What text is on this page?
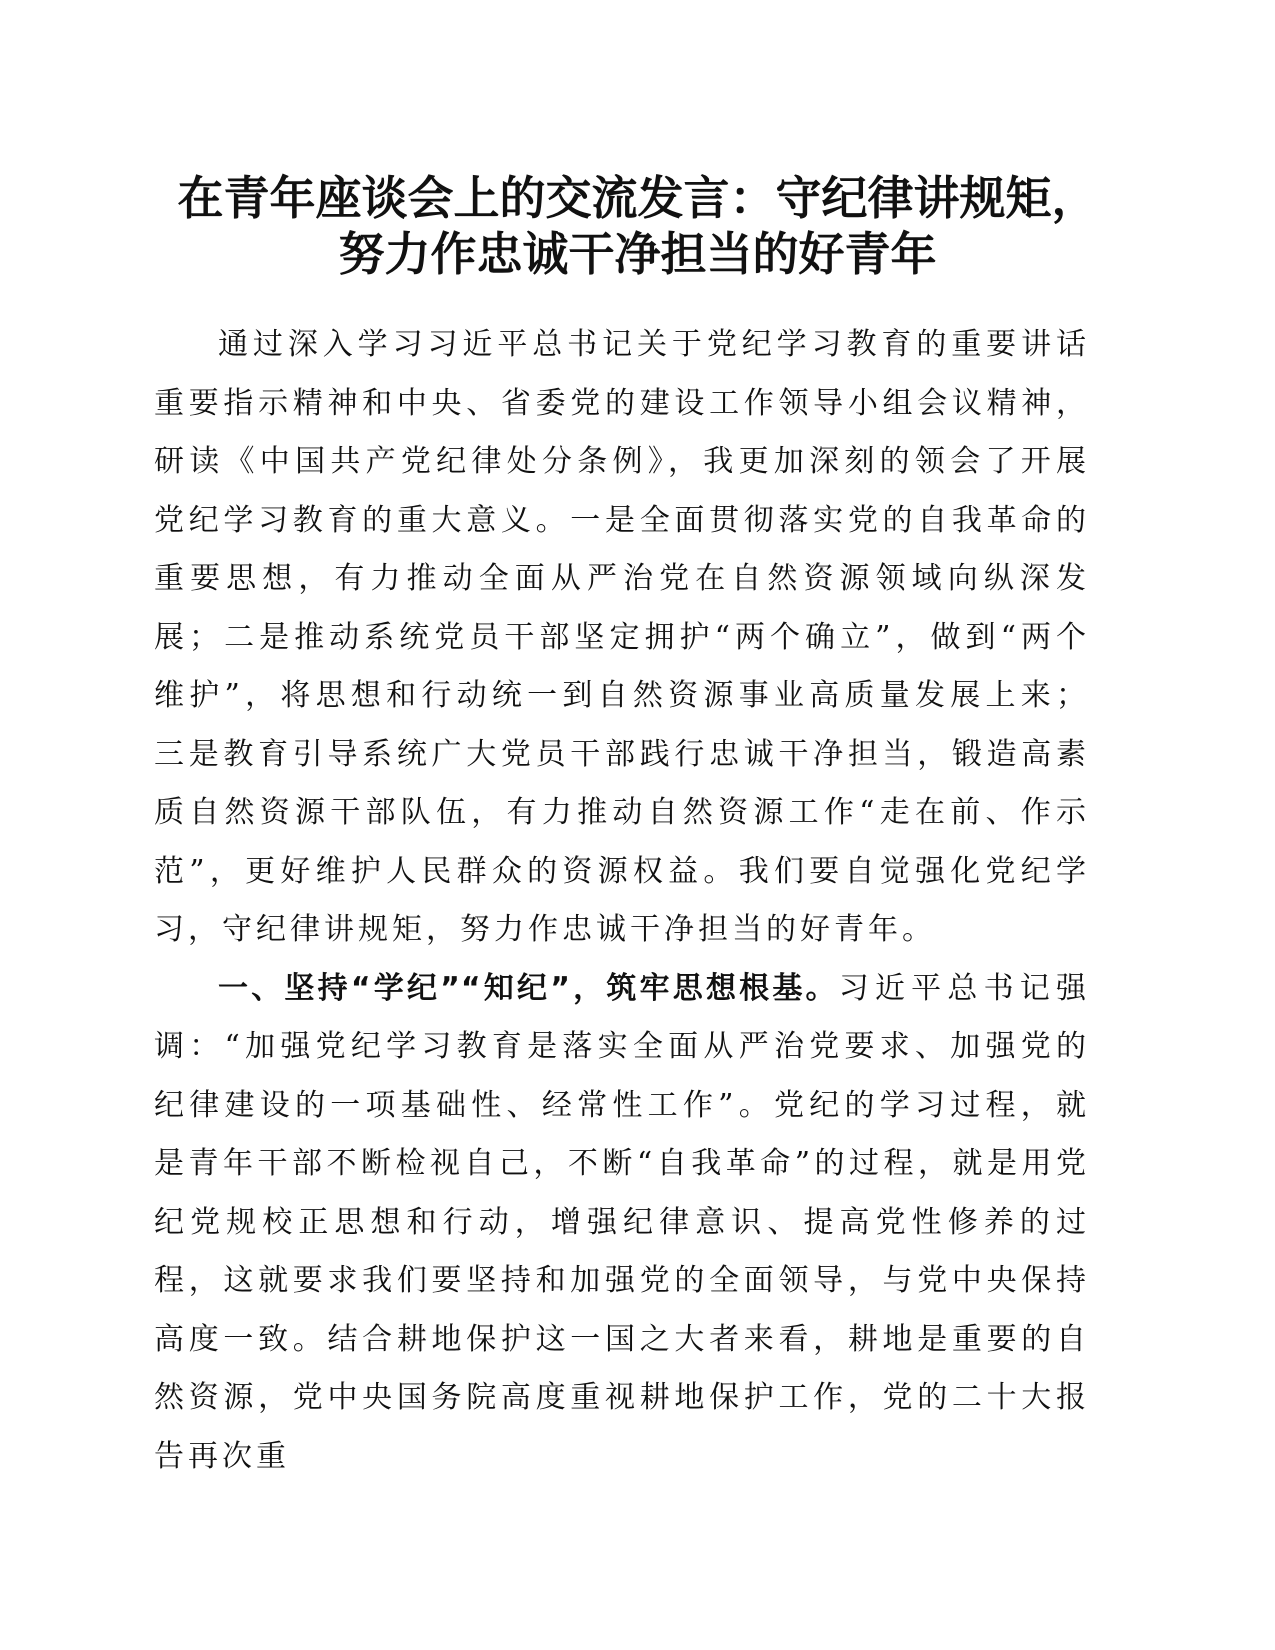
在青年座谈会上的交流发言：守纪律讲规矩，
努力作忠诚干净担当的好青年

通过深入学习习近平总书记关于党纪学习教育的重要讲话重要指示精神和中央、省委党的建设工作领导小组会议精神，研读《中国共产党纪律处分条例》，我更加深刻的领会了开展党纪学习教育的重大意义。一是全面贯彻落实党的自我革命的重要思想，有力推动全面从严治党在自然资源领域向纵深发展；二是推动系统党员干部坚定拥护“两个确立”，做到“两个维护”，将思想和行动统一到自然资源事业高质量发展上来；三是教育引导系统广大党员干部践行忠诚干净担当，锻造高素质自然资源干部队伍，有力推动自然资源工作“走在前、作示范”，更好维护人民群众的资源权益。我们要自觉强化党纪学习，守纪律讲规矩，努力作忠诚干净担当的好青年。

一、坚持“学纪”“知纪”，筑牢思想根基。习近平总书记强调：“加强党纪学习教育是落实全面从严治党要求、加强党的纪律建设的一项基础性、经常性工作”。党纪的学习过程，就是青年干部不断检视自己，不断“自我革命”的过程，就是用党纪党规校正思想和行动，增强纪律意识、提高党性修养的过程，这就要求我们要坚持和加强党的全面领导，与党中央保持高度一致。结合耕地保护这一国之大者来看，耕地是重要的自然资源，党中央国务院高度重视耕地保护工作，党的二十大报告再次重
